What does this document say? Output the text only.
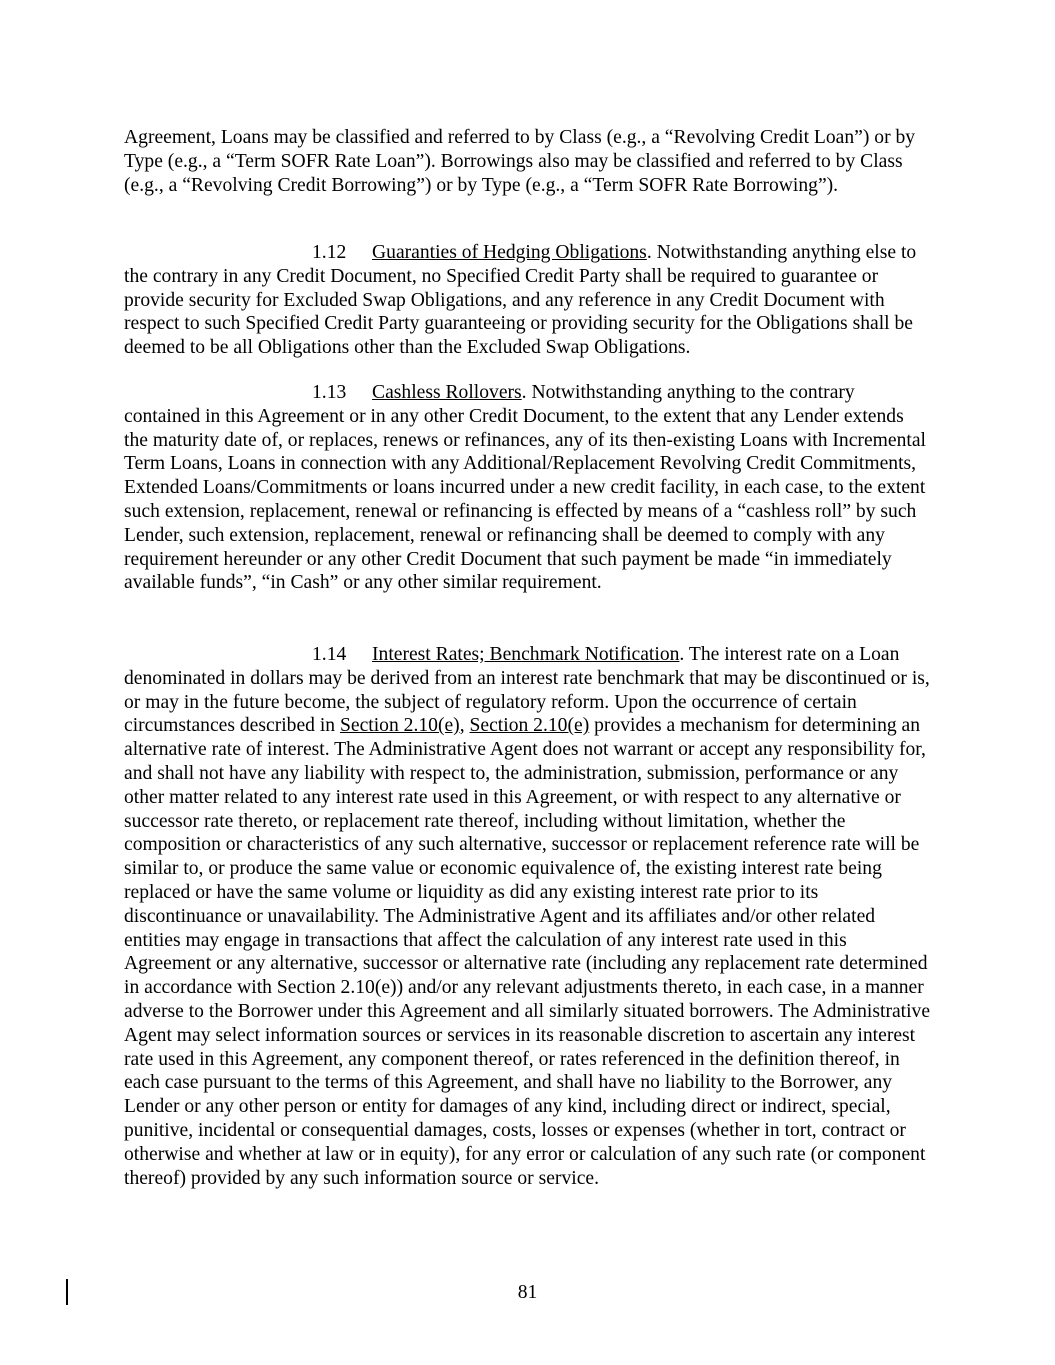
Agreement, Loans may be classified and referred to by Class (e.g., a “Revolving Credit Loan”) or by Type (e.g., a “Term SOFR Rate Loan”). Borrowings also may be classified and referred to by Class (e.g., a “Revolving Credit Borrowing”) or by Type (e.g., a “Term SOFR Rate Borrowing”).

1.12 Guaranties of Hedging Obligations. Notwithstanding anything else to the contrary in any Credit Document, no Specified Credit Party shall be required to guarantee or provide security for Excluded Swap Obligations, and any reference in any Credit Document with respect to such Specified Credit Party guaranteeing or providing security for the Obligations shall be deemed to be all Obligations other than the Excluded Swap Obligations.

1.13 Cashless Rollovers. Notwithstanding anything to the contrary contained in this Agreement or in any other Credit Document, to the extent that any Lender extends the maturity date of, or replaces, renews or refinances, any of its then-existing Loans with Incremental Term Loans, Loans in connection with any Additional/Replacement Revolving Credit Commitments, Extended Loans/Commitments or loans incurred under a new credit facility, in each case, to the extent such extension, replacement, renewal or refinancing is effected by means of a “cashless roll” by such Lender, such extension, replacement, renewal or refinancing shall be deemed to comply with any requirement hereunder or any other Credit Document that such payment be made “in immediately available funds”, “in Cash” or any other similar requirement.

1.14 Interest Rates; Benchmark Notification. The interest rate on a Loan denominated in dollars may be derived from an interest rate benchmark that may be discontinued or is, or may in the future become, the subject of regulatory reform. Upon the occurrence of certain circumstances described in Section 2.10(e), Section 2.10(e) provides a mechanism for determining an alternative rate of interest. The Administrative Agent does not warrant or accept any responsibility for, and shall not have any liability with respect to, the administration, submission, performance or any other matter related to any interest rate used in this Agreement, or with respect to any alternative or successor rate thereto, or replacement rate thereof, including without limitation, whether the composition or characteristics of any such alternative, successor or replacement reference rate will be similar to, or produce the same value or economic equivalence of, the existing interest rate being replaced or have the same volume or liquidity as did any existing interest rate prior to its discontinuance or unavailability. The Administrative Agent and its affiliates and/or other related entities may engage in transactions that affect the calculation of any interest rate used in this Agreement or any alternative, successor or alternative rate (including any replacement rate determined in accordance with Section 2.10(e)) and/or any relevant adjustments thereto, in each case, in a manner adverse to the Borrower under this Agreement and all similarly situated borrowers. The Administrative Agent may select information sources or services in its reasonable discretion to ascertain any interest rate used in this Agreement, any component thereof, or rates referenced in the definition thereof, in each case pursuant to the terms of this Agreement, and shall have no liability to the Borrower, any Lender or any other person or entity for damages of any kind, including direct or indirect, special, punitive, incidental or consequential damages, costs, losses or expenses (whether in tort, contract or otherwise and whether at law or in equity), for any error or calculation of any such rate (or component thereof) provided by any such information source or service.

81
